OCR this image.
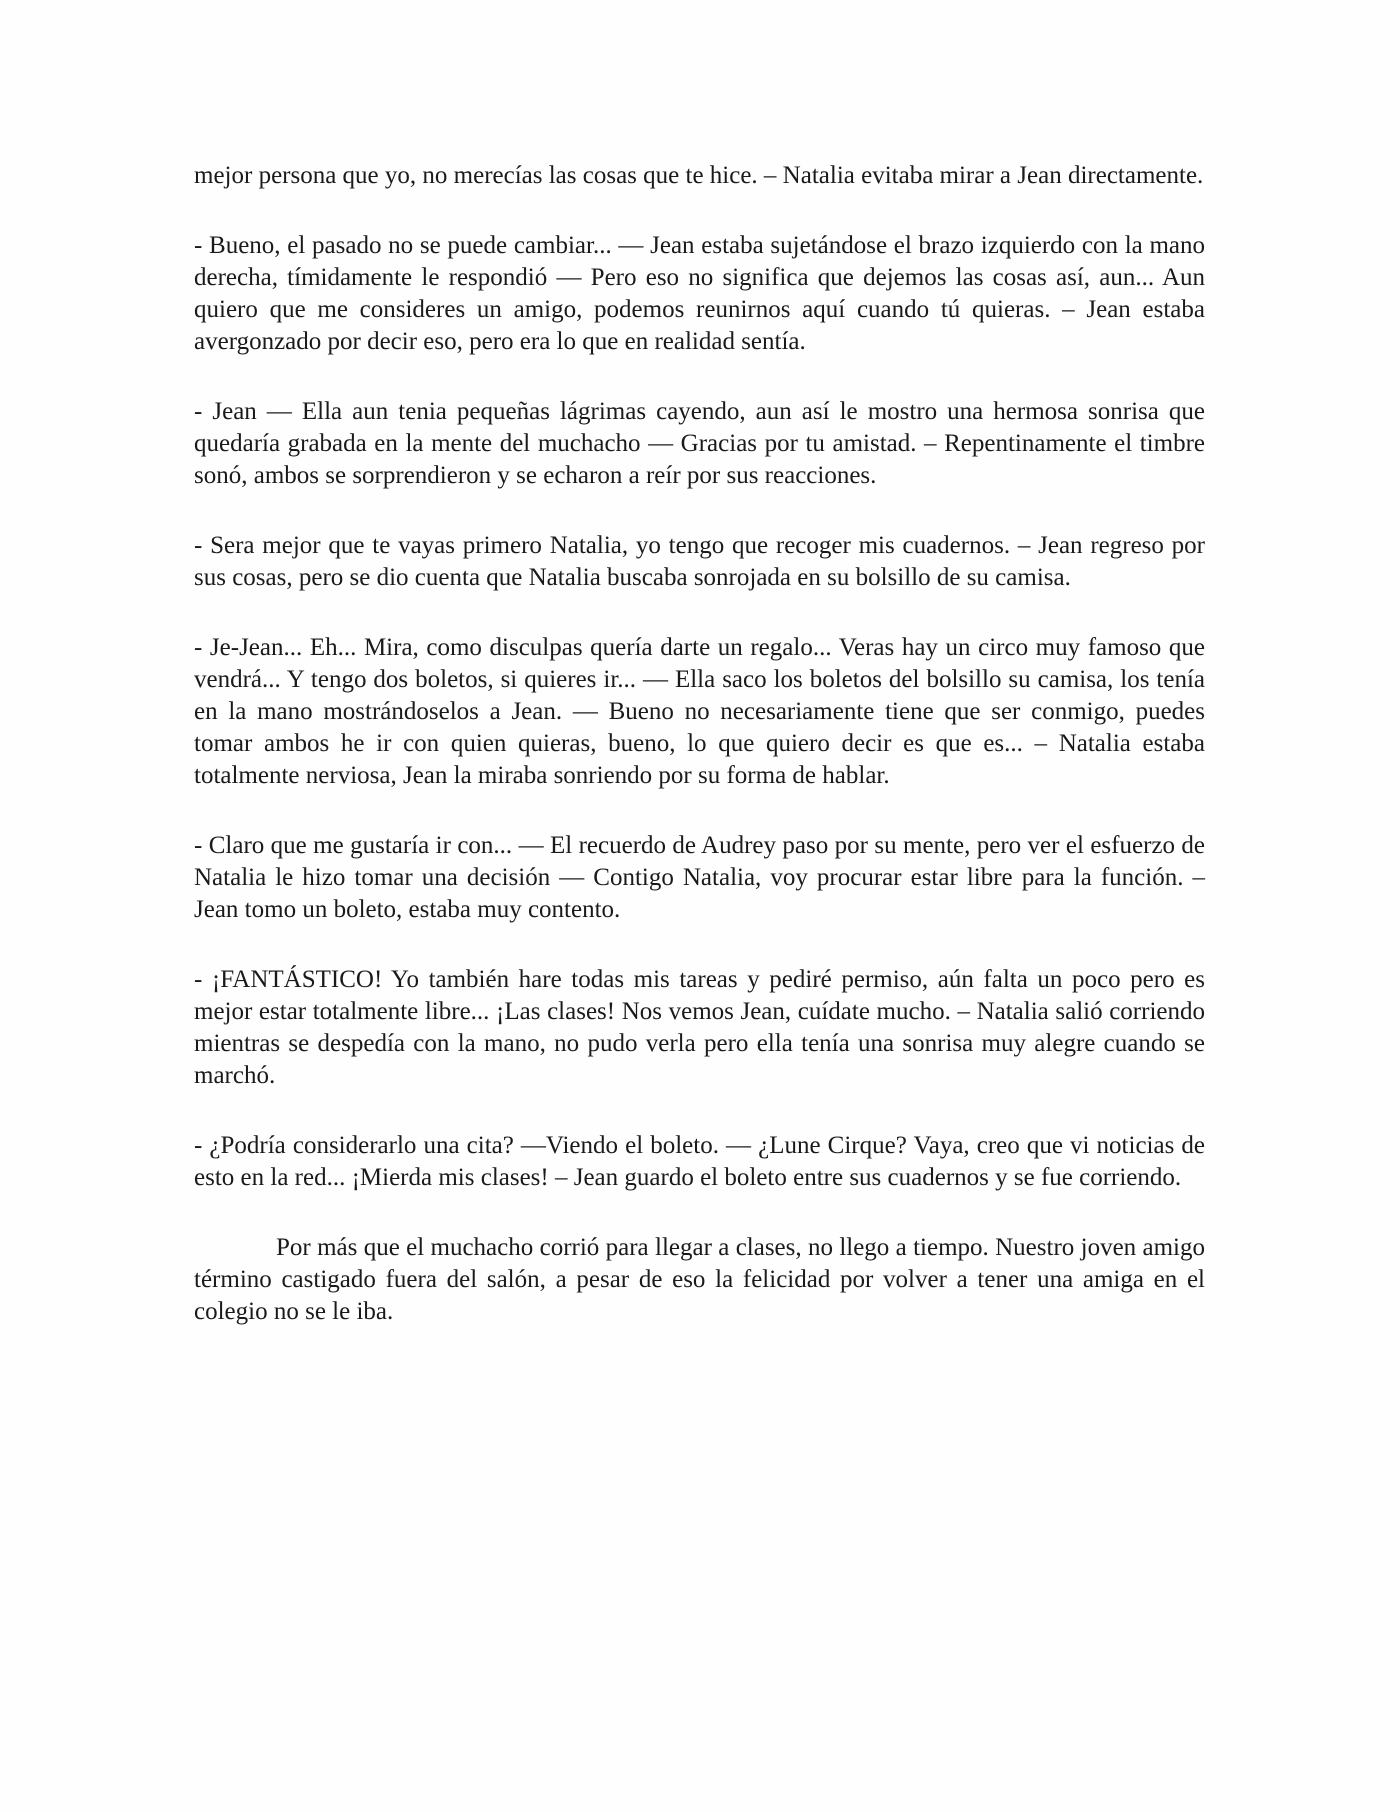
mejor persona que yo, no merecías las cosas que te hice. – Natalia evitaba mirar a Jean directamente.

- Bueno, el pasado no se puede cambiar... — Jean estaba sujetándose el brazo izquierdo con la mano derecha, tímidamente le respondió — Pero eso no significa que dejemos las cosas así, aun... Aun quiero que me consideres un amigo, podemos reunirnos aquí cuando tú quieras. – Jean estaba avergonzado por decir eso, pero era lo que en realidad sentía.

- Jean — Ella aun tenia pequeñas lágrimas cayendo, aun así le mostro una hermosa sonrisa que quedaría grabada en la mente del muchacho — Gracias por tu amistad. – Repentinamente el timbre sonó, ambos se sorprendieron y se echaron a reír por sus reacciones.

- Sera mejor que te vayas primero Natalia, yo tengo que recoger mis cuadernos. – Jean regreso por sus cosas, pero se dio cuenta que Natalia buscaba sonrojada en su bolsillo de su camisa.

- Je-Jean... Eh... Mira, como disculpas quería darte un regalo... Veras hay un circo muy famoso que vendrá... Y tengo dos boletos, si quieres ir... — Ella saco los boletos del bolsillo su camisa, los tenía en la mano mostrándoselos a Jean. — Bueno no necesariamente tiene que ser conmigo, puedes tomar ambos he ir con quien quieras, bueno, lo que quiero decir es que es... – Natalia estaba totalmente nerviosa, Jean la miraba sonriendo por su forma de hablar.

- Claro que me gustaría ir con... — El recuerdo de Audrey paso por su mente, pero ver el esfuerzo de Natalia le hizo tomar una decisión — Contigo Natalia, voy procurar estar libre para la función. – Jean tomo un boleto, estaba muy contento.

- ¡FANTÁSTICO! Yo también hare todas mis tareas y pediré permiso, aún falta un poco pero es mejor estar totalmente libre... ¡Las clases! Nos vemos Jean, cuídate mucho. – Natalia salió corriendo mientras se despedía con la mano, no pudo verla pero ella tenía una sonrisa muy alegre cuando se marchó.

- ¿Podría considerarlo una cita? —Viendo el boleto. — ¿Lune Cirque? Vaya, creo que vi noticias de esto en la red... ¡Mierda mis clases! – Jean guardo el boleto entre sus cuadernos y se fue corriendo.

Por más que el muchacho corrió para llegar a clases, no llego a tiempo. Nuestro joven amigo término castigado fuera del salón, a pesar de eso la felicidad por volver a tener una amiga en el colegio no se le iba.
